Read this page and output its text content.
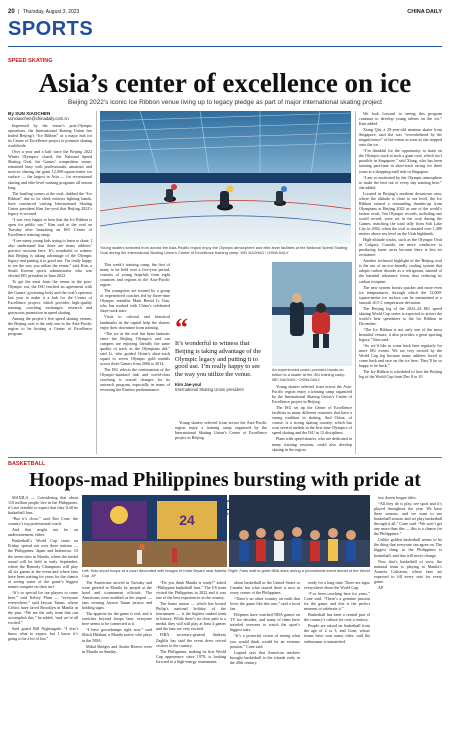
20 | Thursday, August 3, 2023	CHINA DAILY
SPORTS
SPEED SKATING
Asia’s center of excellence on ice
Beijing 2022’s iconic Ice Ribbon venue living up to legacy pledge as part of major international skating project
By SUN XIAOCHEN
sunxiaochen@chinadaily.com.cn

Impressed by the venue’s post-Olympic operations, the International Skating Union has hailed Beijing’s “Ice Ribbon” as a major hub for its Center of Excellence project to promote skating worldwide.

Over a year and a half since the Beijing 2022 Winter Olympics closed, the National Speed Skating Oval, the Games’ competition venue, remained busy with professionals, amateurs and novices sharing the giant 12,000-square-meter ice surface — the largest in Asia — for recreational skating and elite-level training programs all season long.

The bustling scenes at the oval, dubbed the “Ice Ribbon” due to its sleek exterior lighting bands, have convinced visiting International Skating Union president Kim Jae-youl that Beijing 2022’s legacy is secured.

“I was very happy to hear that the Ice Ribbon is open for public use,” Kim said at the oval on Tuesday after launching an ISU Center of Excellence training camp.

“I see many young kids trying to learn to skate. I also understand that there are many athletes’ practice sessions here. It’s wonderful to witness that Beijing is taking advantage of the Olympic legacy and putting it to good use. I’m really happy to see the way you utilize the venue,” said Kim, a South Korean sports administrator who was elected ISU president in June 2022.

To get the most from the venue in the post-Olympic era, the ISU reached an agreement with the Games’ governing body and the oval’s operator last year to make it a hub for the Center of Excellence project, which provides high-quality training, coaching exchanges, research and grassroots promotion in speed skating.

Among the project’s five speed skating venues, the Beijing oval is the only one in the Asia-Pacific region to be hosting a Center of Excellence program.

Young skaters selected from across the Asia-Pacific region enjoy the Olympic atmosphere and elite-level facilities at the National Speed Skating Oval during the International Skating Union’s Center of Excellence training camp. WEI XIAOHAO / CHINA DAILY

We look forward to seeing this program continue to develop young talents on the ice,” Kim added.

Xiang Qin, a 29-year-old amateur skater from Singapore, said she was “overwhelmed by the magnificence” of the venue as soon as she stepped onto the ice.

“I’m thankful for the opportunity to skate on the Olympic track at such a giant oval, which isn’t possible in Singapore,” said Xiang, who has been training part-time in short-track racing for three years at a shopping mall rink in Singapore.

“I am so motivated by the Olympic atmosphere to make the best out of every day training here,” she added.

Located in Beijing’s northern downtown area, where the altitude is close to sea level, the Ice Ribbon earned a resounding thumbs-up from Olympians at Beijing 2022 as one of the world’s fastest ovals. Ten Olympic records, including one world record, were set in the oval during the Games, matching the total tally from Salt Lake City in 2002, when the oval is situated over 1,400 meters above sea level on the Utah highlands.

High-altitude tracks, such as the Olympic Oval in Calgary, Canada, are more conducive to producing faster races because there is less air resistance.

Another technical highlight of the Beijing oval is the use of an eco-friendly cooling system that adopts carbon dioxide as a refrigerant, instead of the harmful substance freon, thus reducing its carbon footprint.

The new system boosts quicker and more even ice temperatures, through which the 12,000-square-meter ice surface can be maintained at a smooth ±0.5 C temperature deviation.

The Beijing leg of the 2023–24 ISU speed skating World Cup series is expected to attract the world’s best speedsters to the Ice Ribbon in December.

“The Ice Ribbon is not only one of the most beautiful venues, it also provides a great sporting legacy,” Kim said.

“So we’d like to come back here regularly for more ISU events. We are very excited by the World Cup leg because many athletes loved to come back and race on the ice here. They’ll be so happy to be back.”

The Ice Ribbon is scheduled to host the Beijing leg of the World Cup from Dec 8 to 10.

This week’s training camp, the first of many to be held over a five-year period, consists of young hopefuls from eight countries and regions in the Asia-Pacific region.

The youngsters are trained by a group of experienced coaches led by three-time Olympic medalist Mark Bernd Li Tian, who has worked with China’s celebrated short-track stars.

Visits to cultural and historical landmarks in the capital help the skaters enjoy their downtime from training.

“The ice at the oval has been fantastic since the Beijing Olympics and our campers are enjoying literally the same quality of track as the Olympians did,” said Li, who guided China’s short-track squad to seven Olympic gold medals across three Games from 2006 to 2014.

The ISU selects the continuation of the Olympic-standard rink and world-class coaching is crucial changes for its outreach program, especially in terms of reversing the Eastern predominance.

“
It’s wonderful to witness that Beijing is taking advantage of the Olympic legacy and putting it to good use. I’m really happy to see the way you utilize the venue.
Kim Jae-youl
International Skating Union president
An experienced coach provides hands-on tuition to a skater at the ISU training camp. WEI XIAOHAO / CHINA DAILY

Young skaters selected from across the Asia-Pacific region enjoy a training camp organized by the International Skating Union’s Center of Excellence project in Beijing.

The ISU set up the Center of Excellence facilities in many different countries that have a strong tradition in skating. And China, of course, is a strong skating country, which has won several medals in the first nine Olympics of speed skating and the ISU in 12 disciplines.

Plans with speed skaters, who are dedicated in many training sessions, could also develop skating in the region.

Young skaters selected from across the Asia-Pacific region enjoy a training camp organized by the International Skating Union’s Center of Excellence project in Beijing.

BASKETBALL
Hoops-mad Philippines bursting with pride at

MANILA — Considering that about 110 million people live in the Philippines, it’s not feasible to expect that they’d all be basketball fans.

“But it’s close,” said Tim Cone, the country’s top professional coach.

And that might not be an understatement, either.

Basketball’s World Cup starts on Friday, spread out over three nations — the Philippines, Japan and Indonesia. Of the seven sites in Manila, where the medal round will be held in early September, where the Remedy Champions will play all six games at the event and where fans have been waiting for years for the chance at seeing some of the game’s biggest names compete on their turf.

“It’s so special for our players to come here,” said Kelsey Plum — “everyone everywhere,” said Jayson Tatum, whose Celtics have faced Brooklyn in Manila in the past. “We are the only team that can accomplish this,” he added, “and we’re all excited.”

Said guard Bill Nightingale: “I don’t know what to expect, but I know it’s going to be a lot of fun.”

The Americans arrived in Tuesday and were greeted in Manila by people at the hotel and tournament officials. The Americans were mobbed at the airport — fans wearing Jayson Tatum jerseys and holding signs.

The appetite for the game is real, and it stretches beyond hoops fans: everyone here seems to be connected to it.

“I have goosebumps right now,” said Mitch Hilahun, a Manila native who plays in the NBA.

Mikal Bridges and Austin Reaves were in Manila on Sunday.

“Do you think Manila is ready?” asked “Philippine basketball fans.” The US team visited the Philippines in 2022 and it was one of the best experiences in the country.

The home nation — which has hosted Philip’s national holiday of the tournament — is the highest ranked team in history. While there’s no clear path to a medal, they will still play at least 4 games and the fans are very excited.

FIBA secretary-general Andreas Zagklis has said the event drew record visitors to the country.

The Philippines, making its first World Cup appearance since 1978, is looking forward to a high-energy tournament.

about basketball in the United States or Canada, but what started there is now in every corner of the Philippines.

“There’s no other country on earth that loves the game like this one,” said a local fan.

Filipinos have watched NBA games on TV for decades, and many of them have traveled overseas to watch the sport’s biggest stars.

“It’s a powerful vision of seeing what you would think would be an extreme passion,” Cone said.

Legend says that American teachers brought basketball to the islands early in the 20th century.

ready for a long time. There are signs everywhere about the World Cup.

“I’ve been coaching here for years,” Cone said. “There’s a genuine passion for the game, and this is the perfect moment to celebrate it.”

Basketball has been a central part of the country’s culture for over a century.

People are raised on basketball from the age of 2 or 3, and Cone, whose teams have won many titles, said the enthusiasm is unmatched.

two dozen league titles.

“All they do is play, see sport and it’s played throughout the year. We have three seasons, and we want to see basketball season, and we play basketball through it all,” Cone said. “We won’t get any more than this — this is a chance for the Philippines.”

Unlike golden basketball seems to be the thing that everyone can agree on. The biggest thing in the Philippines is basketball, and that will never change.

Now that’s basketball of sorts: the national team is playing at Manila’s Araneta Coliseum, where fans are expected to fill every seat for every game.

AP

24
Left: Kids shoot hoops at a court decorated with images of Kobe Bryant near Manila. Right: Fans wait to greet NBA stars during a promotional event ahead of the World Cup. AP
